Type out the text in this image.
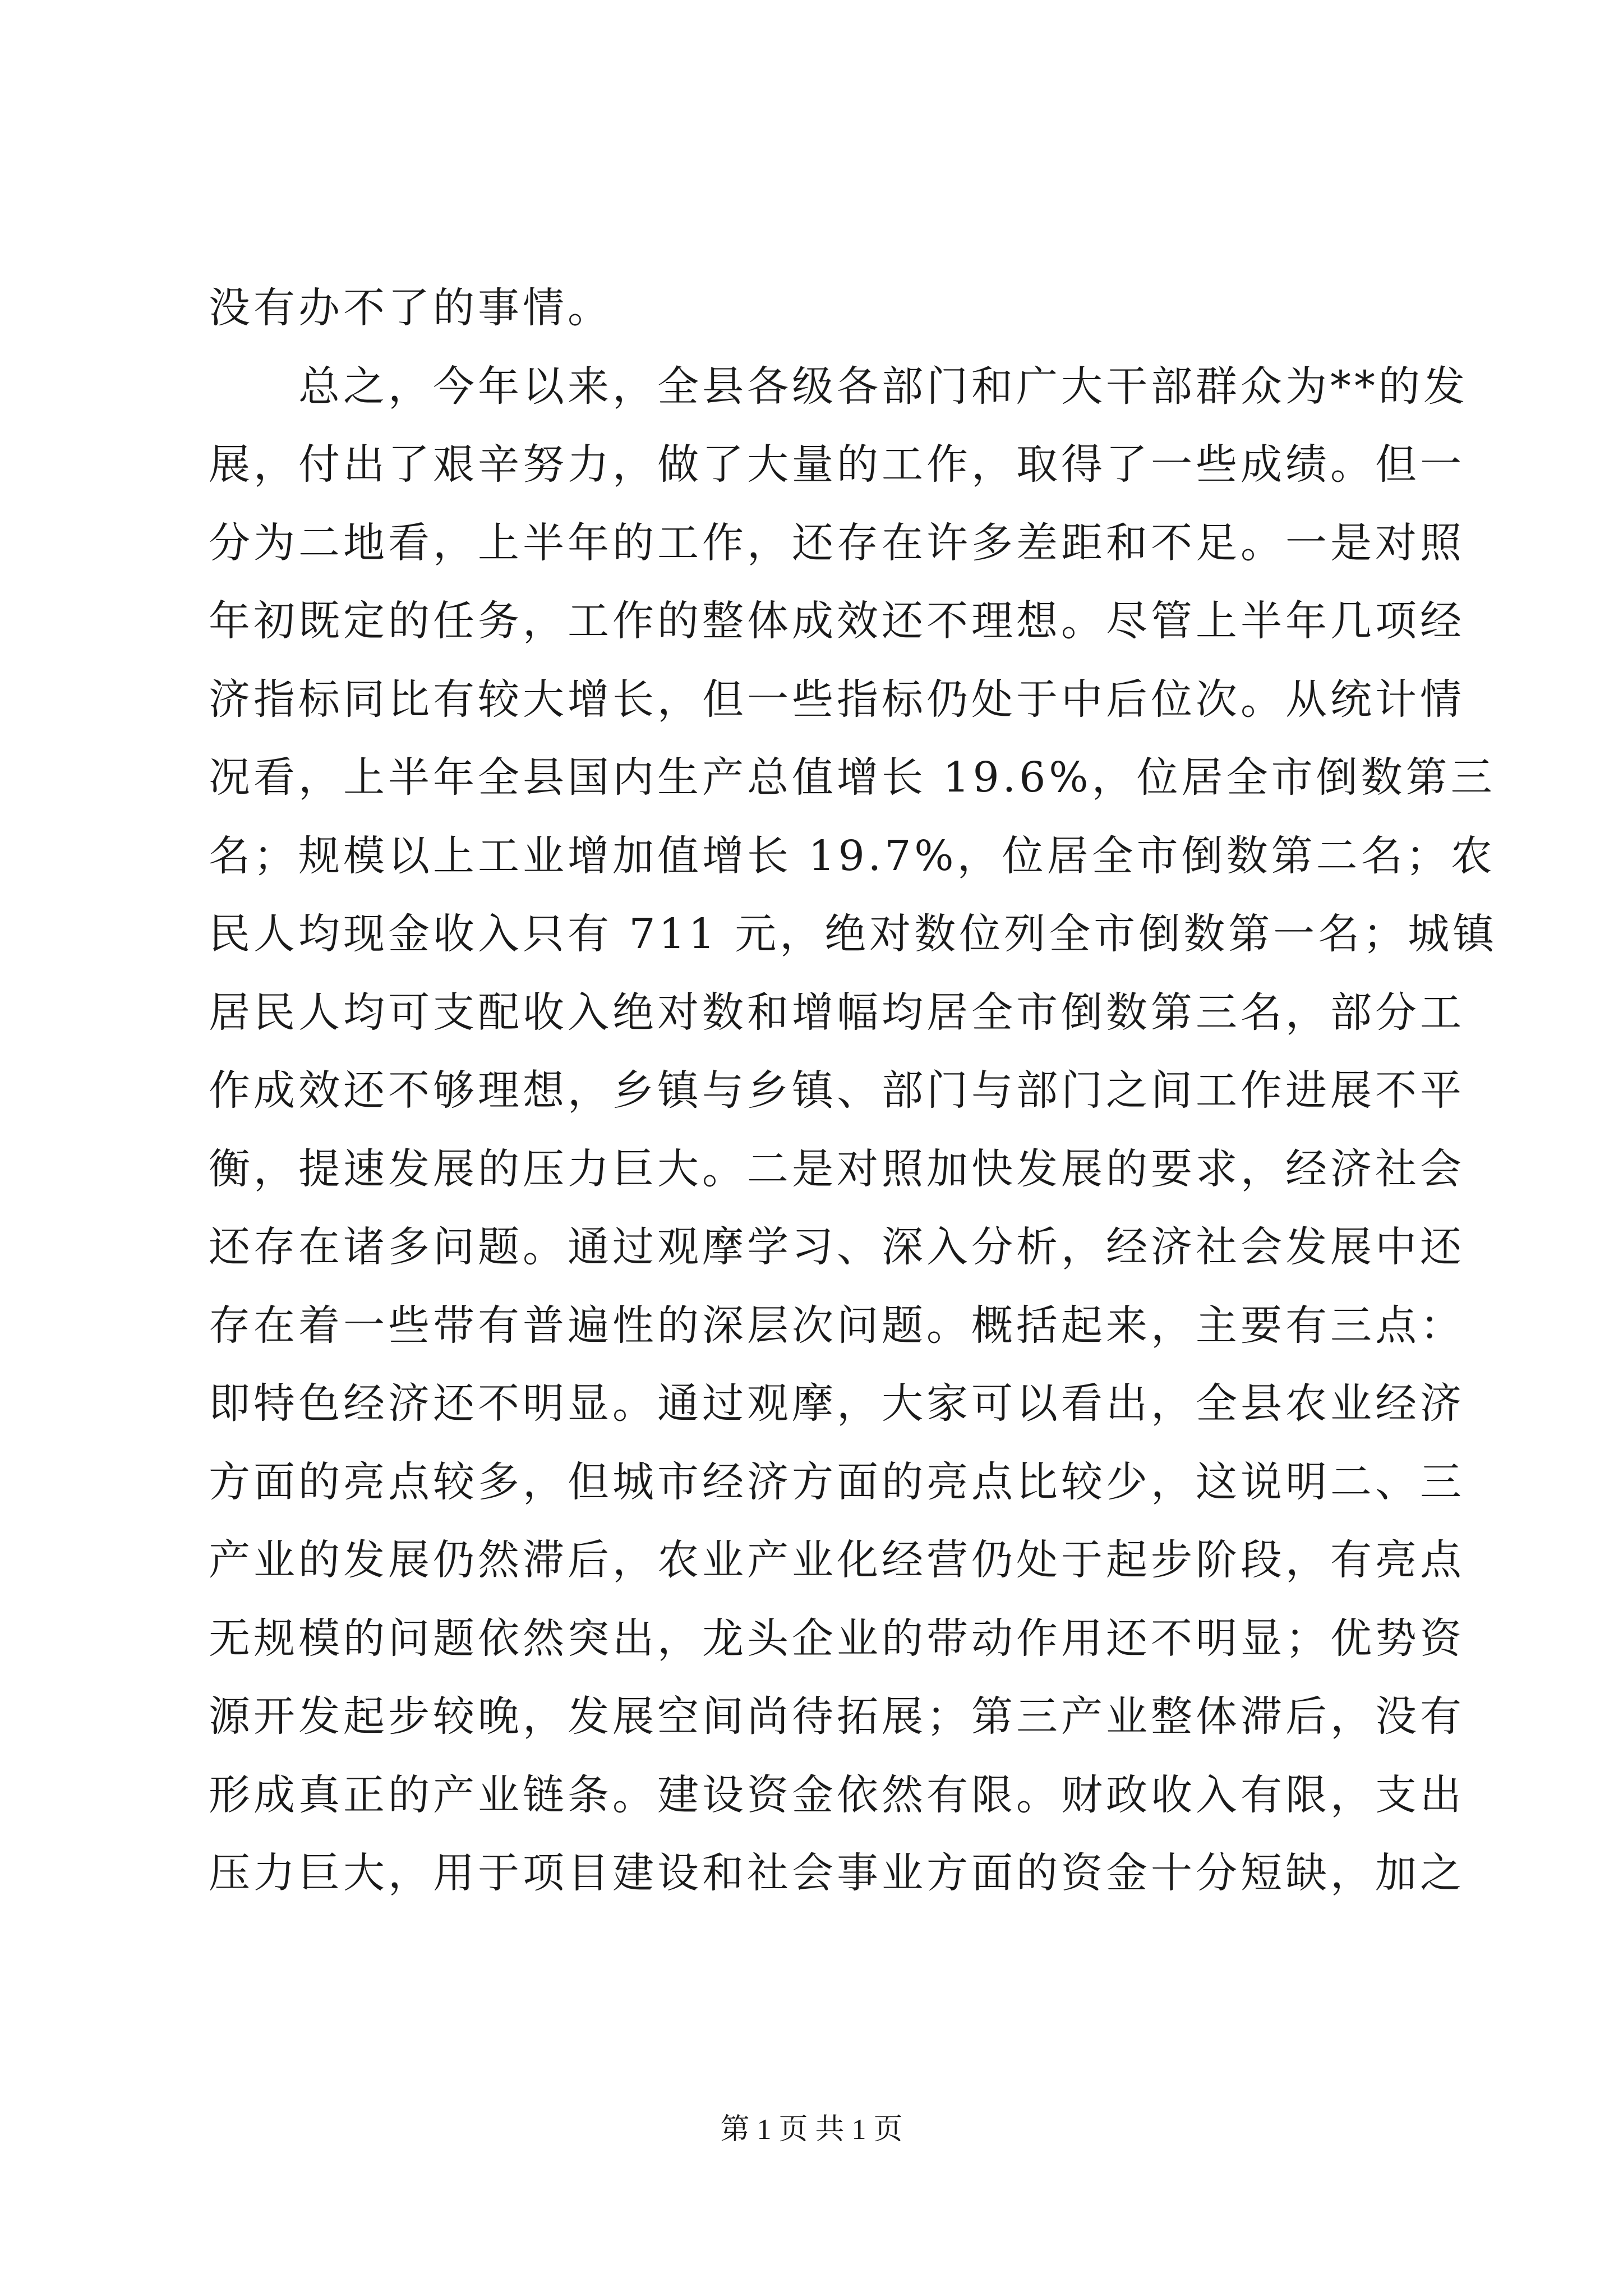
没有办不了的事情。
　　总之，今年以来，全县各级各部门和广大干部群众为**的发
展，付出了艰辛努力，做了大量的工作，取得了一些成绩。但一
分为二地看，上半年的工作，还存在许多差距和不足。一是对照
年初既定的任务，工作的整体成效还不理想。尽管上半年几项经
济指标同比有较大增长，但一些指标仍处于中后位次。从统计情
况看，上半年全县国内生产总值增长 19.6%，位居全市倒数第三
名；规模以上工业增加值增长 19.7%，位居全市倒数第二名；农
民人均现金收入只有 711 元，绝对数位列全市倒数第一名；城镇
居民人均可支配收入绝对数和增幅均居全市倒数第三名，部分工
作成效还不够理想，乡镇与乡镇、部门与部门之间工作进展不平
衡，提速发展的压力巨大。二是对照加快发展的要求，经济社会
还存在诸多问题。通过观摩学习、深入分析，经济社会发展中还
存在着一些带有普遍性的深层次问题。概括起来，主要有三点：
即特色经济还不明显。通过观摩，大家可以看出，全县农业经济
方面的亮点较多，但城市经济方面的亮点比较少，这说明二、三
产业的发展仍然滞后，农业产业化经营仍处于起步阶段，有亮点
无规模的问题依然突出，龙头企业的带动作用还不明显；优势资
源开发起步较晚，发展空间尚待拓展；第三产业整体滞后，没有
形成真正的产业链条。建设资金依然有限。财政收入有限，支出
压力巨大，用于项目建设和社会事业方面的资金十分短缺，加之
第 1 页 共 1 页
